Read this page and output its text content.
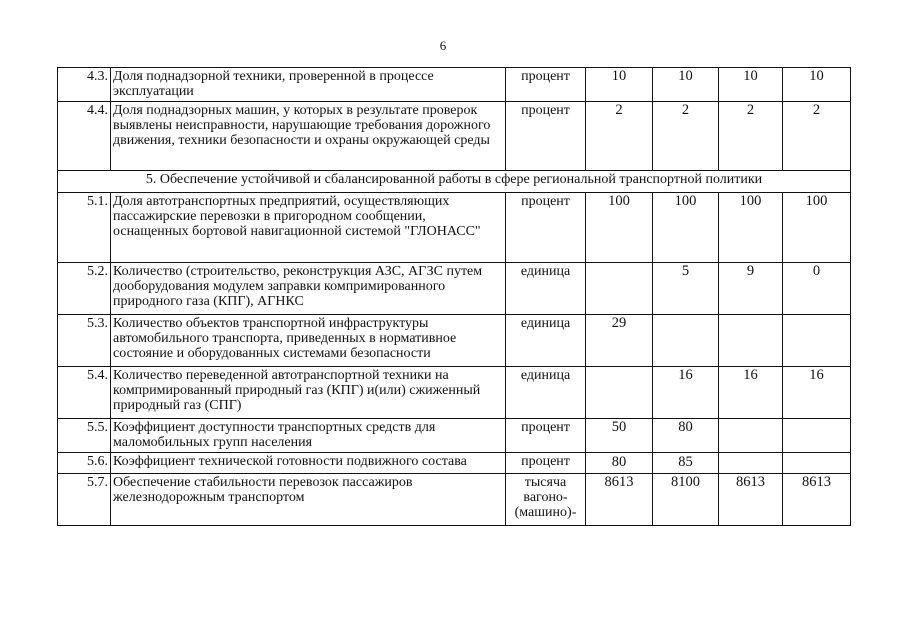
6
4.3.	Доля поднадзорной техники, проверенной в процессе эксплуатации	процент	10	10	10	10
4.4.	Доля поднадзорных машин, у которых в результате проверок выявлены неисправности, нарушающие требования дорожного движения, техники безопасности и охраны окружающей среды	процент	2	2	2	2
5. Обеспечение устойчивой и сбалансированной работы в сфере региональной транспортной политики						
5.1.	Доля автотранспортных предприятий, осуществляющих пассажирские перевозки в пригородном сообщении, оснащенных бортовой навигационной системой "ГЛОНАСС"	процент	100	100	100	100
5.2.	Количество (строительство, реконструкция АЗС, АГЗС путем дооборудования модулем заправки компримированного природного газа (КПГ), АГНКС	единица		5	9	0
5.3.	Количество объектов транспортной инфраструктуры автомобильного транспорта, приведенных в нормативное состояние и оборудованных системами безопасности	единица	29			
5.4.	Количество переведенной автотранспортной техники на компримированный природный газ (КПГ) и(или) сжиженный природный газ (СПГ)	единица		16	16	16
5.5.	Коэффициент доступности транспортных средств для маломобильных групп населения	процент	50	80		
5.6.	Коэффициент технической готовности подвижного состава	процент	80	85		
5.7.	Обеспечение стабильности перевозок пассажиров железнодорожным транспортом	тысяча
вагоно-
(машино)-	8613	8100	8613	8613
